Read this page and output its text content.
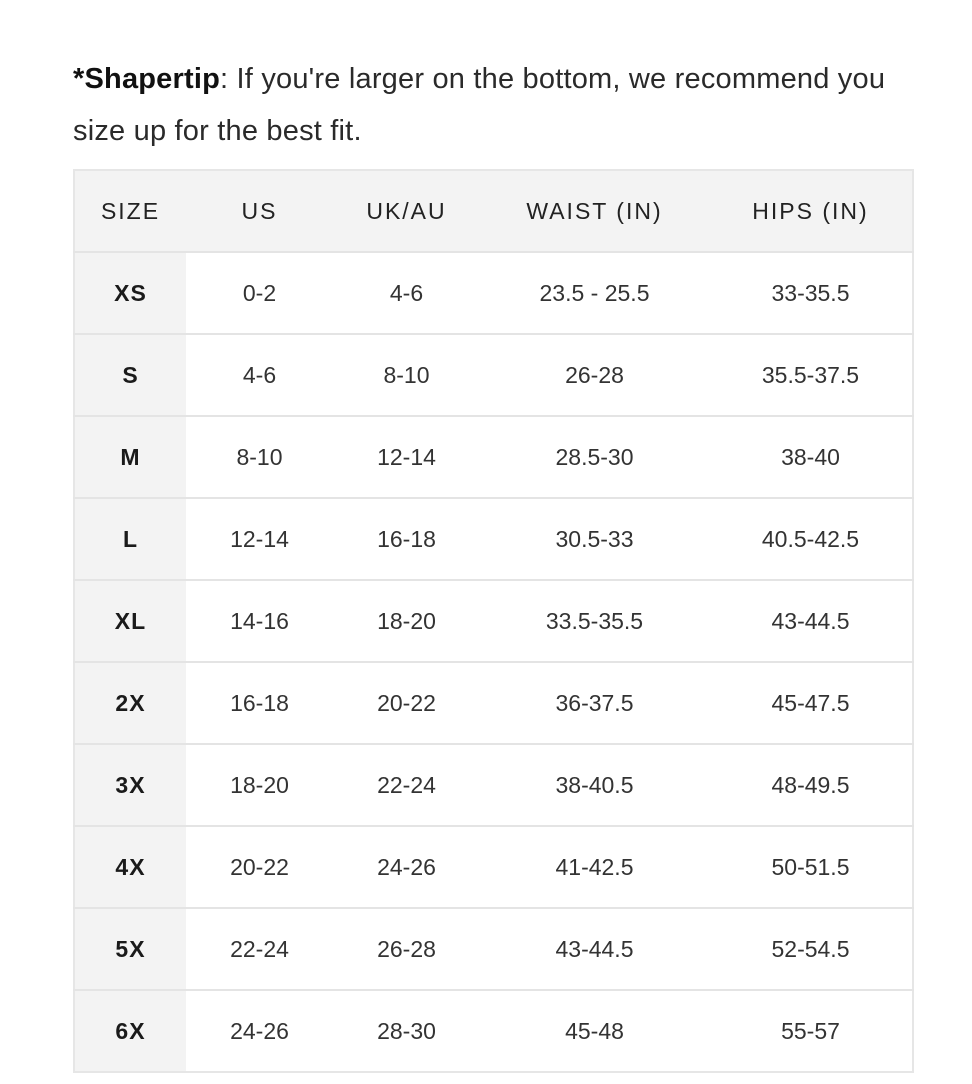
*Shapertip: If you're larger on the bottom, we recommend you size up for the best fit.

SIZE	US	UK/AU	WAIST (IN)	HIPS (IN)
XS	0-2	4-6	23.5 - 25.5	33-35.5
S	4-6	8-10	26-28	35.5-37.5
M	8-10	12-14	28.5-30	38-40
L	12-14	16-18	30.5-33	40.5-42.5
XL	14-16	18-20	33.5-35.5	43-44.5
2X	16-18	20-22	36-37.5	45-47.5
3X	18-20	22-24	38-40.5	48-49.5
4X	20-22	24-26	41-42.5	50-51.5
5X	22-24	26-28	43-44.5	52-54.5
6X	24-26	28-30	45-48	55-57
